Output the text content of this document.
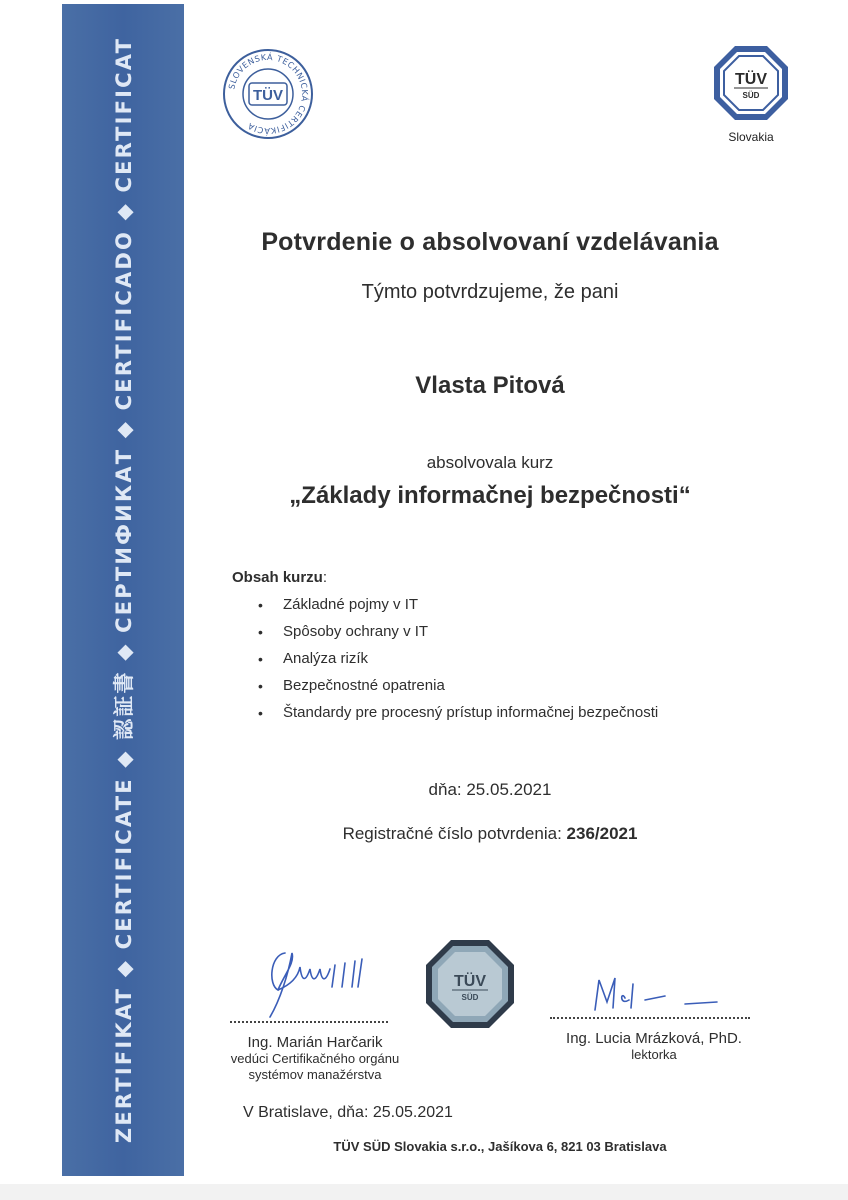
ZERTIFIKAT ◆ CERTIFICATE ◆ 認証書 ◆ СЕРТИФИКАТ ◆ CERTIFICADO ◆ CERTIFICAT	SLOVENSKÁ TECHNICKÁ CERTIFIKÁCIA
TÜV
TÜV
SÜD
Slovakia
Potvrdenie o absolvovaní vzdelávania
Týmto potvrdzujeme, že pani
Vlasta Pitová
absolvovala kurz
„Základy informačnej bezpečnosti“
Obsah kurzu:
• Základné pojmy v IT
• Spôsoby ochrany v IT
• Analýza rizík
• Bezpečnostné opatrenia
• Štandardy pre procesný prístup informačnej bezpečnosti
dňa: 25.05.2021
Registračné číslo potvrdenia: 236/2021
TÜV
SÜD
Ing. Marián Harčarik
vedúci Certifikačného orgánu
systémov manažérstva
Ing. Lucia Mrázková, PhD.
lektorka
V Bratislave, dňa: 25.05.2021
TÜV SÜD Slovakia s.r.o., Jašíkova 6, 821 03 Bratislava
